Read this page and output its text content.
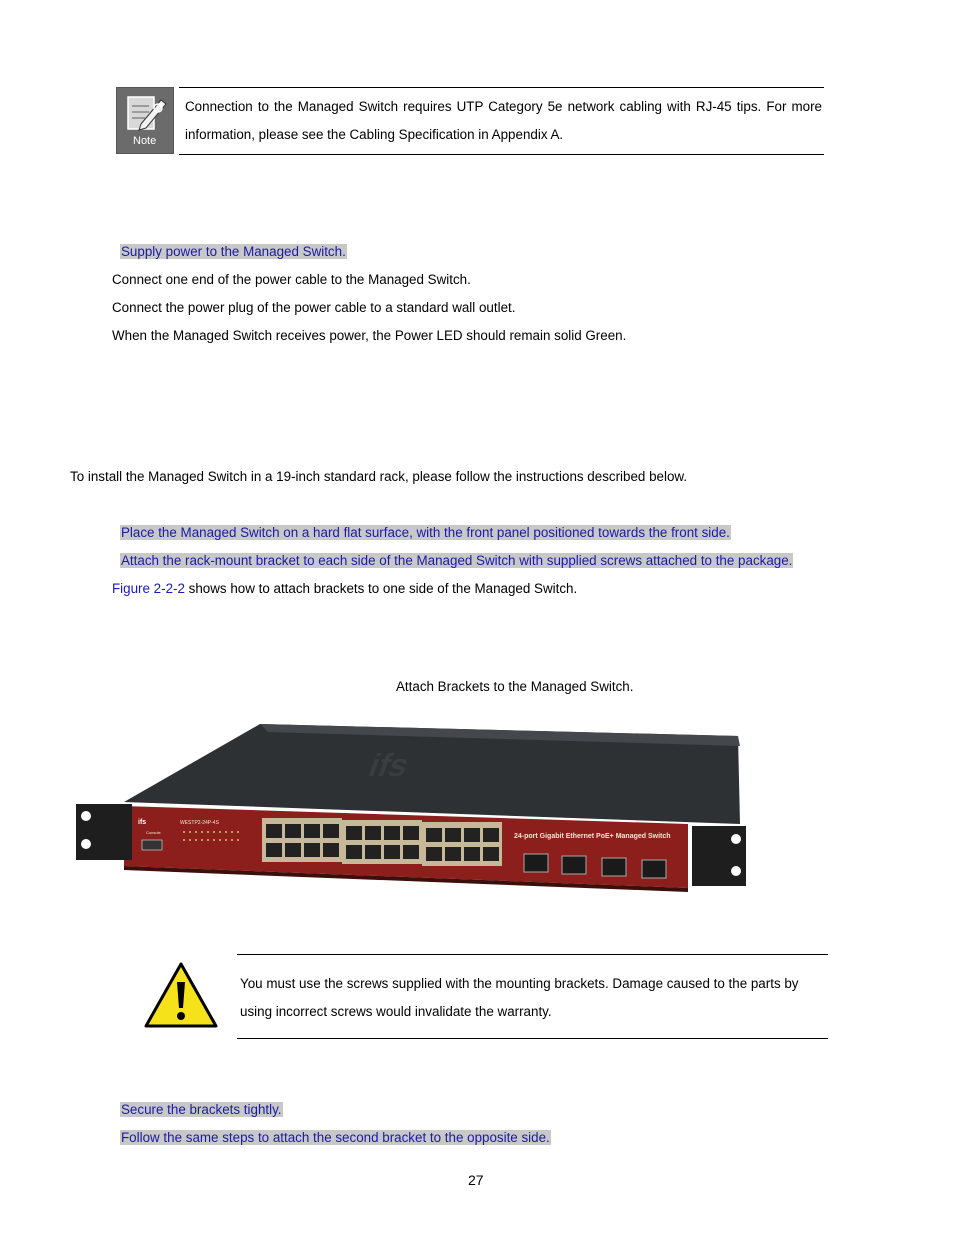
Note
Connection to the Managed Switch requires UTP Category 5e network cabling with RJ-45 tips. For more information, please see the Cabling Specification in Appendix A.
Supply power to the Managed Switch.
Connect one end of the power cable to the Managed Switch.
Connect the power plug of the power cable to a standard wall outlet.
When the Managed Switch receives power, the Power LED should remain solid Green.
To install the Managed Switch in a 19-inch standard rack, please follow the instructions described below.
Place the Managed Switch on a hard flat surface, with the front panel positioned towards the front side.
Attach the rack-mount bracket to each side of the Managed Switch with supplied screws attached to the package.
Figure 2-2-2 shows how to attach brackets to one side of the Managed Switch.
Attach Brackets to the Managed Switch.
ifs
24-port Gigabit Ethernet PoE+ Managed Switch
WESTP2-24P-4S
ifs
Console
You must use the screws supplied with the mounting brackets. Damage caused to the parts by using incorrect screws would invalidate the warranty.
Secure the brackets tightly.
Follow the same steps to attach the second bracket to the opposite side.
27
